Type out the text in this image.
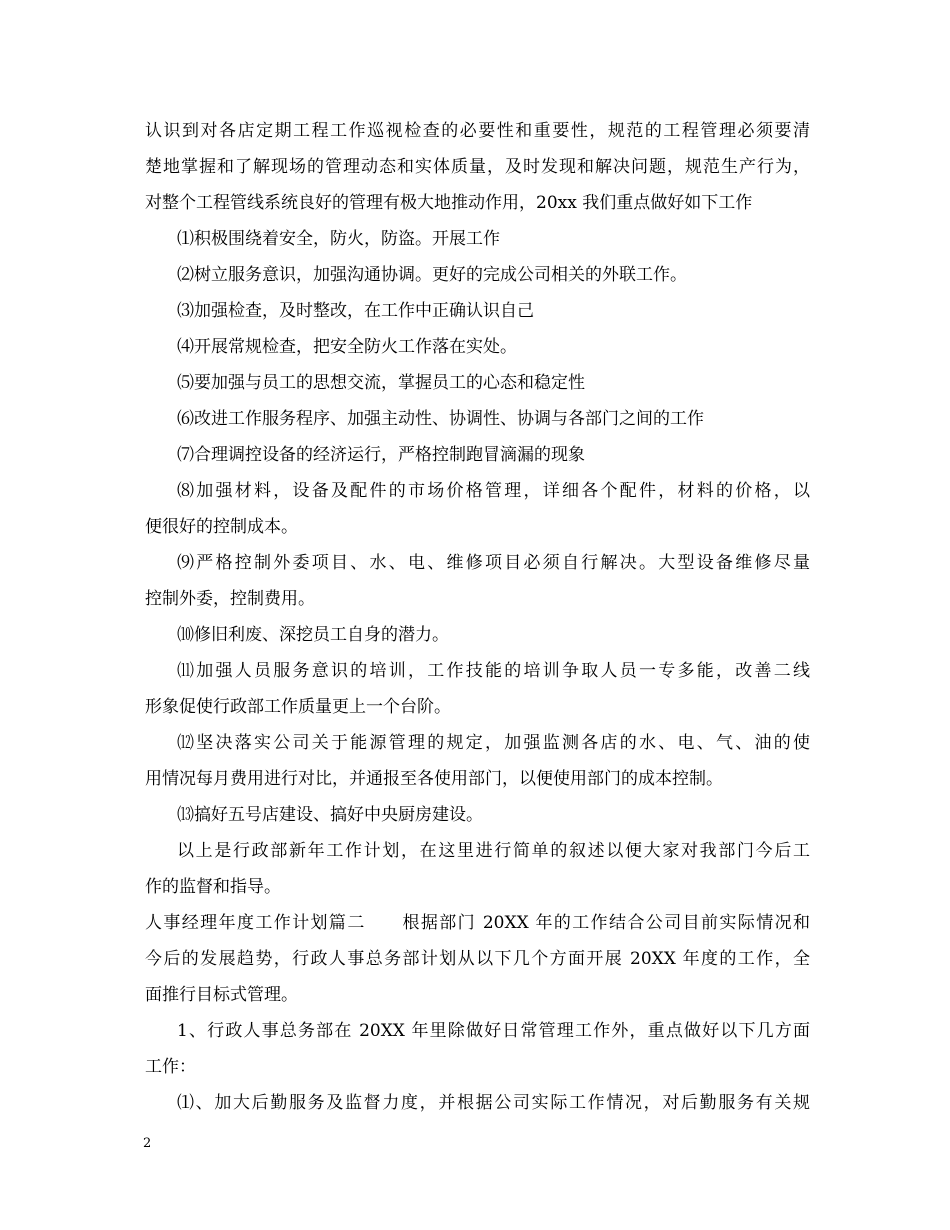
认识到对各店定期工程工作巡视检查的必要性和重要性，规范的工程管理必须要清
楚地掌握和了解现场的管理动态和实体质量，及时发现和解决问题，规范生产行为，
对整个工程管线系统良好的管理有极大地推动作用，20xx 我们重点做好如下工作
⑴积极围绕着安全，防火，防盗。开展工作
⑵树立服务意识，加强沟通协调。更好的完成公司相关的外联工作。
⑶加强检查，及时整改，在工作中正确认识自己
⑷开展常规检查，把安全防火工作落在实处。
⑸要加强与员工的思想交流，掌握员工的心态和稳定性
⑹改进工作服务程序、加强主动性、协调性、协调与各部门之间的工作
⑺合理调控设备的经济运行，严格控制跑冒滴漏的现象
⑻加强材料，设备及配件的市场价格管理，详细各个配件，材料的价格，以
便很好的控制成本。
⑼严格控制外委项目、水、电、维修项目必须自行解决。大型设备维修尽量
控制外委，控制费用。
⑽修旧利废、深挖员工自身的潜力。
⑾加强人员服务意识的培训，工作技能的培训争取人员一专多能，改善二线
形象促使行政部工作质量更上一个台阶。
⑿坚决落实公司关于能源管理的规定，加强监测各店的水、电、气、油的使
用情况每月费用进行对比，并通报至各使用部门，以便使用部门的成本控制。
⒀搞好五号店建设、搞好中央厨房建设。
以上是行政部新年工作计划，在这里进行简单的叙述以便大家对我部门今后工
作的监督和指导。
人事经理年度工作计划篇二　　根据部门 20XX 年的工作结合公司目前实际情况和
今后的发展趋势，行政人事总务部计划从以下几个方面开展 20XX 年度的工作，全
面推行目标式管理。
1、行政人事总务部在 20XX 年里除做好日常管理工作外，重点做好以下几方面
工作：
⑴、加大后勤服务及监督力度，并根据公司实际工作情况，对后勤服务有关规
2
